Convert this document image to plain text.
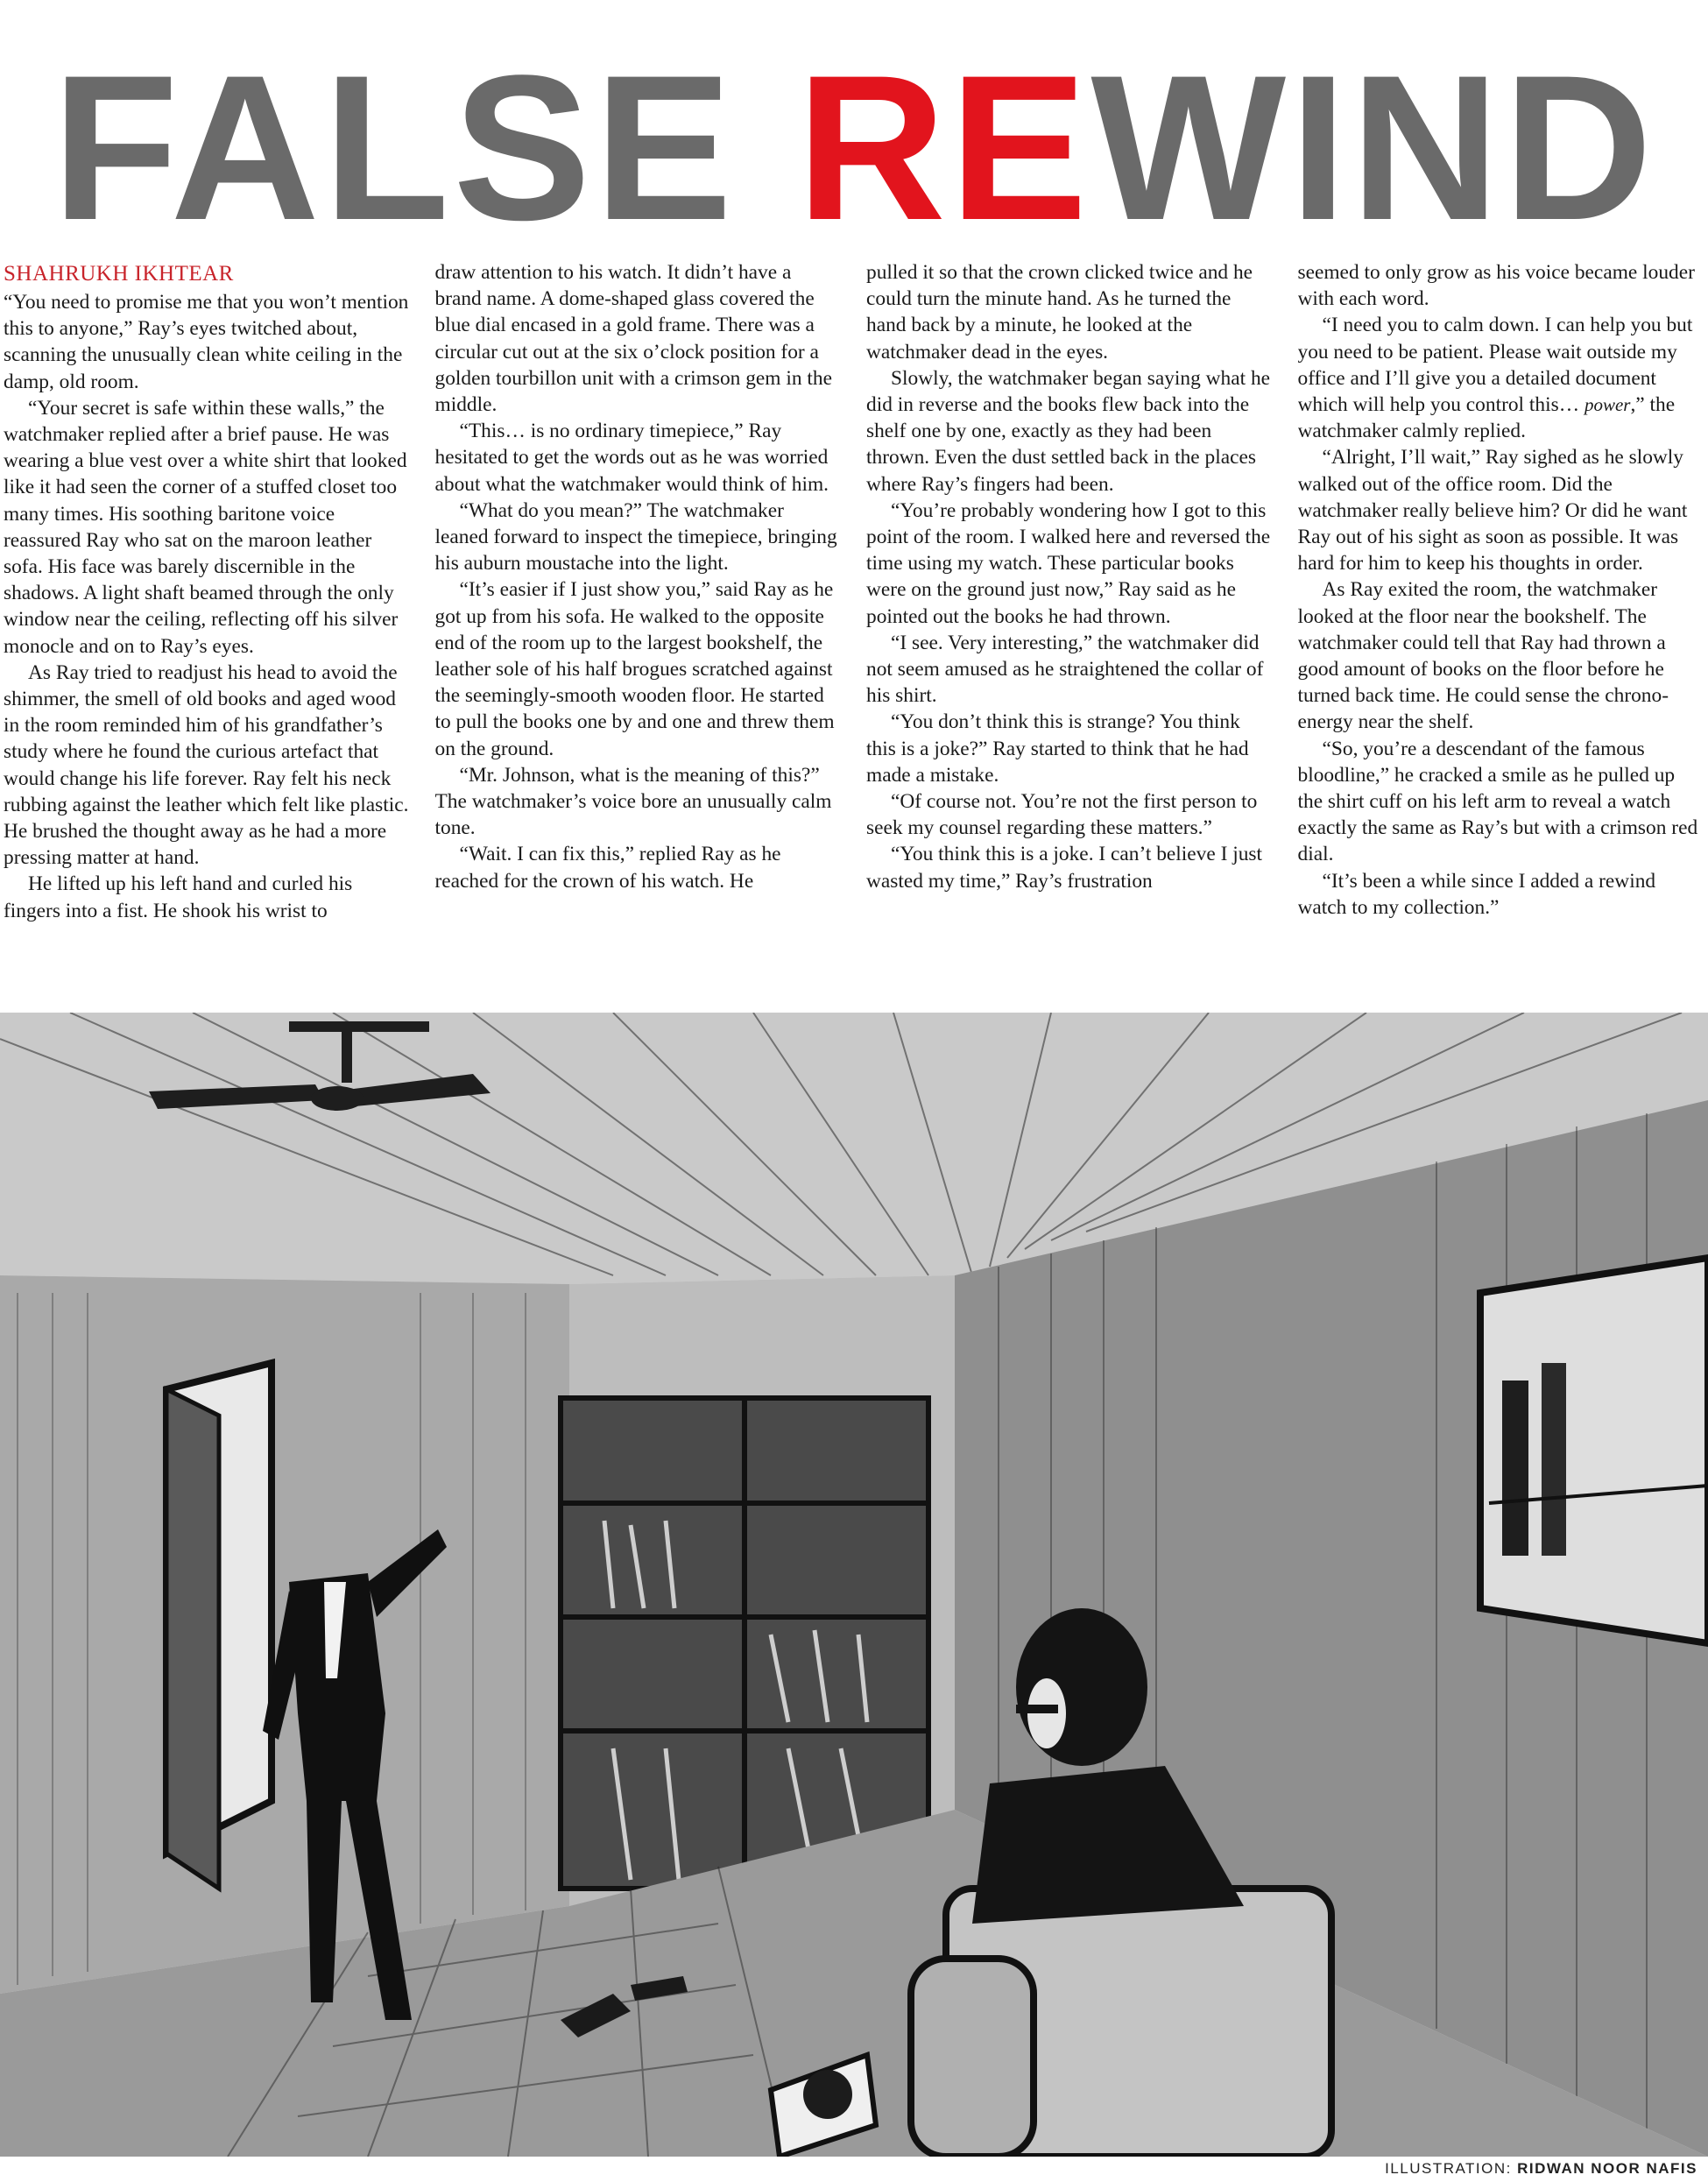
FALSE REWIND

SHAHRUKH IKHTEAR

“You need to promise me that you won’t mention this to anyone,” Ray’s eyes twitched about, scanning the unusually clean white ceiling in the damp, old room.

“Your secret is safe within these walls,” the watchmaker replied after a brief pause. He was wearing a blue vest over a white shirt that looked like it had seen the corner of a stuffed closet too many times. His soothing baritone voice reassured Ray who sat on the maroon leather sofa. His face was barely discernible in the shadows. A light shaft beamed through the only window near the ceiling, reflecting off his silver monocle and on to Ray’s eyes.

As Ray tried to readjust his head to avoid the shimmer, the smell of old books and aged wood in the room reminded him of his grandfather’s study where he found the curious artefact that would change his life forever. Ray felt his neck rubbing against the leather which felt like plastic. He brushed the thought away as he had a more pressing matter at hand.

He lifted up his left hand and curled his fingers into a fist. He shook his wrist to

draw attention to his watch. It didn’t have a brand name. A dome-shaped glass covered the blue dial encased in a gold frame. There was a circular cut out at the six o’clock position for a golden tourbillon unit with a crimson gem in the middle.

“This… is no ordinary timepiece,” Ray hesitated to get the words out as he was worried about what the watchmaker would think of him.

“What do you mean?” The watchmaker leaned forward to inspect the timepiece, bringing his auburn moustache into the light.

“It’s easier if I just show you,” said Ray as he got up from his sofa. He walked to the opposite end of the room up to the largest bookshelf, the leather sole of his half brogues scratched against the seemingly-smooth wooden floor. He started to pull the books one by and one and threw them on the ground.

“Mr. Johnson, what is the meaning of this?” The watchmaker’s voice bore an unusually calm tone.

“Wait. I can fix this,” replied Ray as he reached for the crown of his watch. He

pulled it so that the crown clicked twice and he could turn the minute hand. As he turned the hand back by a minute, he looked at the watchmaker dead in the eyes.

Slowly, the watchmaker began saying what he did in reverse and the books flew back into the shelf one by one, exactly as they had been thrown. Even the dust settled back in the places where Ray’s fingers had been.

“You’re probably wondering how I got to this point of the room. I walked here and reversed the time using my watch. These particular books were on the ground just now,” Ray said as he pointed out the books he had thrown.

“I see. Very interesting,” the watchmaker did not seem amused as he straightened the collar of his shirt.

“You don’t think this is strange? You think this is a joke?” Ray started to think that he had made a mistake.

“Of course not. You’re not the first person to seek my counsel regarding these matters.”

“You think this is a joke. I can’t believe I just wasted my time,” Ray’s frustration

seemed to only grow as his voice became louder with each word.

“I need you to calm down. I can help you but you need to be patient. Please wait outside my office and I’ll give you a detailed document which will help you control this… power,” the watchmaker calmly replied.

“Alright, I’ll wait,” Ray sighed as he slowly walked out of the office room. Did the watchmaker really believe him? Or did he want Ray out of his sight as soon as possible. It was hard for him to keep his thoughts in order.

As Ray exited the room, the watchmaker looked at the floor near the bookshelf. The watchmaker could tell that Ray had thrown a good amount of books on the floor before he turned back time. He could sense the chrono-energy near the shelf.

“So, you’re a descendant of the famous bloodline,” he cracked a smile as he pulled up the shirt cuff on his left arm to reveal a watch exactly the same as Ray’s but with a crimson red dial.

“It’s been a while since I added a rewind watch to my collection.”

ILLUSTRATION: RIDWAN NOOR NAFIS
